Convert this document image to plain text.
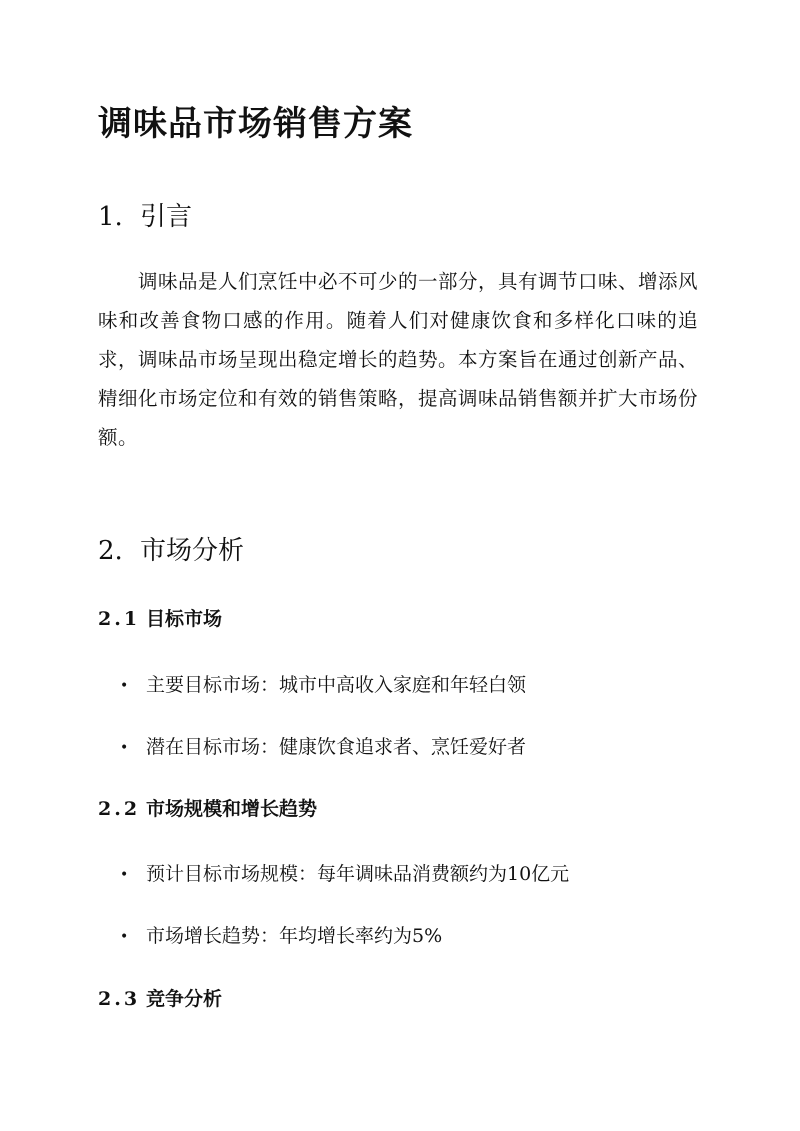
调味品市场销售方案
1. 引言

调味品是人们烹饪中必不可少的一部分，具有调节口味、增添风味和改善食物口感的作用。随着人们对健康饮食和多样化口味的追求，调味品市场呈现出稳定增长的趋势。本方案旨在通过创新产品、精细化市场定位和有效的销售策略，提高调味品销售额并扩大市场份额。

2. 市场分析
2.1 目标市场
• 主要目标市场：城市中高收入家庭和年轻白领
• 潜在目标市场：健康饮食追求者、烹饪爱好者
2.2 市场规模和增长趋势
• 预计目标市场规模：每年调味品消费额约为10亿元
• 市场增长趋势：年均增长率约为5%
2.3 竞争分析
